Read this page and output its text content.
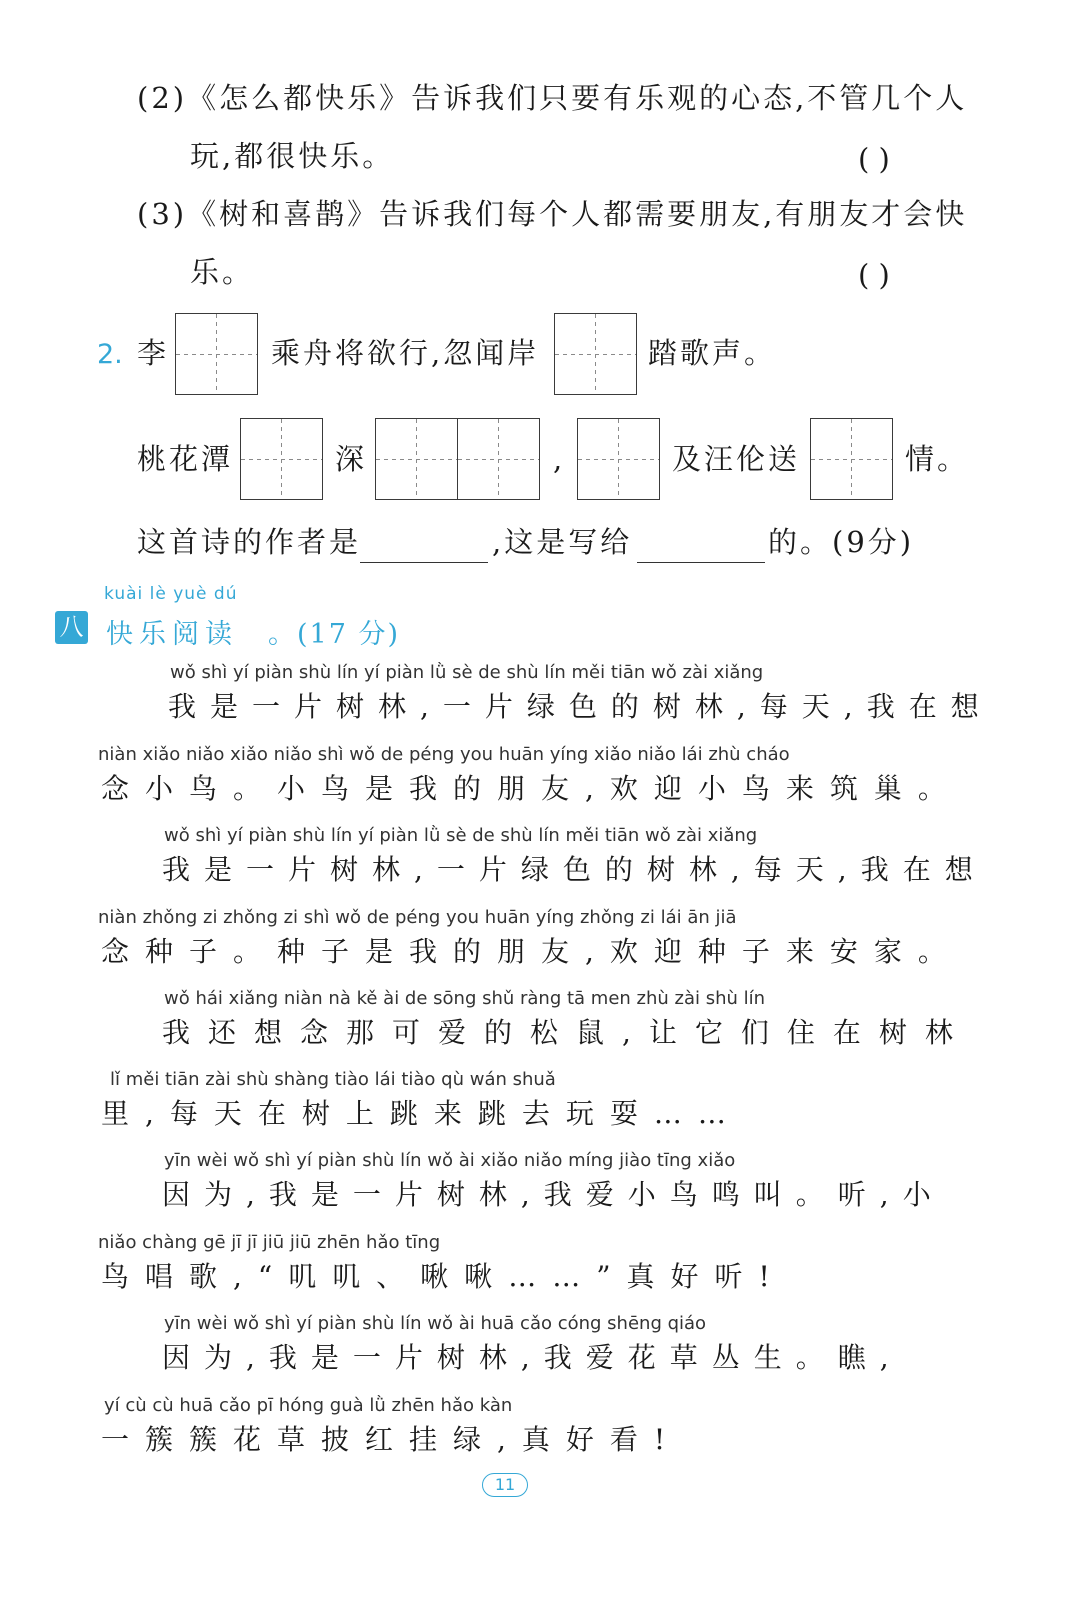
(2)《怎么都快乐》告诉我们只要有乐观的心态,不管几个人
玩,都很快乐。	( )
(3)《树和喜鹊》告诉我们每个人都需要朋友,有朋友才会快
乐。	( )
2. 李	乘舟将欲行,忽闻岸	踏歌声。
桃花潭	深	,	及汪伦送	情。
这首诗的作者是	,这是写给	的。(9分)
kuài lè yuè dú
八 快乐阅读 。(17 分)
wǒ shì yí piàn shù lín yí piàn lǜ sè de shù lín měi tiān wǒ zài xiǎng
我是一片树林,一片绿色的树林,每天,我在想
niàn xiǎo niǎo xiǎo niǎo shì wǒ de péng you huān yíng xiǎo niǎo lái zhù cháo
念小鸟。小鸟是我的朋友,欢迎小鸟来筑巢。
wǒ shì yí piàn shù lín yí piàn lǜ sè de shù lín měi tiān wǒ zài xiǎng
我是一片树林,一片绿色的树林,每天,我在想
niàn zhǒng zi zhǒng zi shì wǒ de péng you huān yíng zhǒng zi lái ān jiā
念种子。种子是我的朋友,欢迎种子来安家。
wǒ hái xiǎng niàn nà kě ài de sōng shǔ ràng tā men zhù zài shù lín
我还想念那可爱的松鼠,让它们住在树林
lǐ měi tiān zài shù shàng tiào lái tiào qù wán shuǎ
里,每天在树上跳来跳去玩耍……
yīn wèi wǒ shì yí piàn shù lín wǒ ài xiǎo niǎo míng jiào tīng xiǎo
因为,我是一片树林,我爱小鸟鸣叫。听,小
niǎo chàng gē jī jī jiū jiū zhēn hǎo tīng
鸟唱歌,“叽叽、啾啾……”真好听!
yīn wèi wǒ shì yí piàn shù lín wǒ ài huā cǎo cóng shēng qiáo
因为,我是一片树林,我爱花草丛生。瞧,
yí cù cù huā cǎo pī hóng guà lǜ zhēn hǎo kàn
一簇簇花草披红挂绿,真好看!
11
